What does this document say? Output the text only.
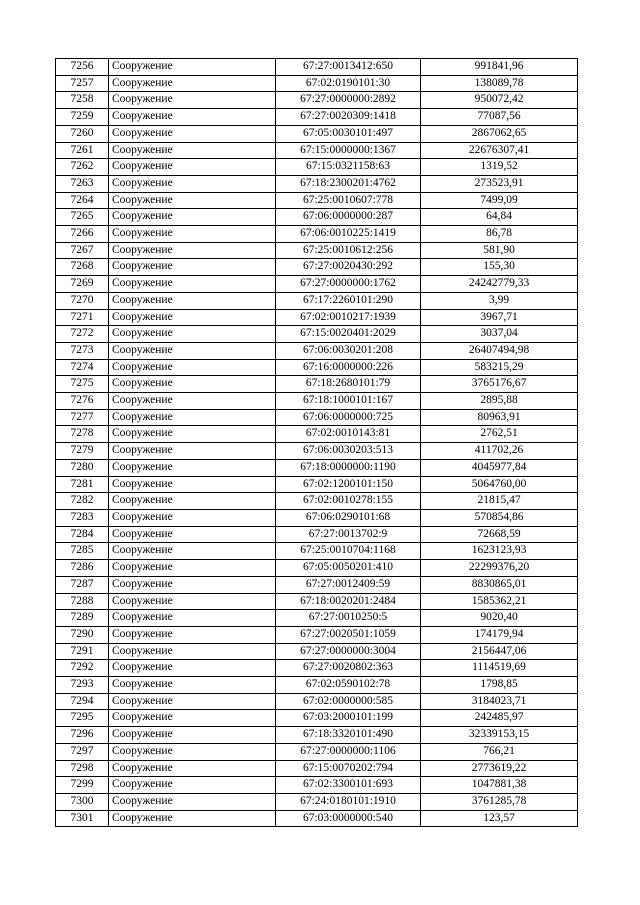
7256	Сооружение	67:27:0013412:650	991841,96
7257	Сооружение	67:02:0190101:30	138089,78
7258	Сооружение	67:27:0000000:2892	950072,42
7259	Сооружение	67:27:0020309:1418	77087,56
7260	Сооружение	67:05:0030101:497	2867062,65
7261	Сооружение	67:15:0000000:1367	22676307,41
7262	Сооружение	67:15:0321158:63	1319,52
7263	Сооружение	67:18:2300201:4762	273523,91
7264	Сооружение	67:25:0010607:778	7499,09
7265	Сооружение	67:06:0000000:287	64,84
7266	Сооружение	67:06:0010225:1419	86,78
7267	Сооружение	67:25:0010612:256	581,90
7268	Сооружение	67:27:0020430:292	155,30
7269	Сооружение	67:27:0000000:1762	24242779,33
7270	Сооружение	67:17:2260101:290	3,99
7271	Сооружение	67:02:0010217:1939	3967,71
7272	Сооружение	67:15:0020401:2029	3037,04
7273	Сооружение	67:06:0030201:208	26407494,98
7274	Сооружение	67:16:0000000:226	583215,29
7275	Сооружение	67:18:2680101:79	3765176,67
7276	Сооружение	67:18:1000101:167	2895,88
7277	Сооружение	67:06:0000000:725	80963,91
7278	Сооружение	67:02:0010143:81	2762,51
7279	Сооружение	67:06:0030203:513	411702,26
7280	Сооружение	67:18:0000000:1190	4045977,84
7281	Сооружение	67:02:1200101:150	5064760,00
7282	Сооружение	67:02:0010278:155	21815,47
7283	Сооружение	67:06:0290101:68	570854,86
7284	Сооружение	67:27:0013702:9	72668,59
7285	Сооружение	67:25:0010704:1168	1623123,93
7286	Сооружение	67:05:0050201:410	22299376,20
7287	Сооружение	67:27:0012409:59	8830865,01
7288	Сооружение	67:18:0020201:2484	1585362,21
7289	Сооружение	67:27:0010250:5	9020,40
7290	Сооружение	67:27:0020501:1059	174179,94
7291	Сооружение	67:27:0000000:3004	2156447,06
7292	Сооружение	67:27:0020802:363	1114519,69
7293	Сооружение	67:02:0590102:78	1798,85
7294	Сооружение	67:02:0000000:585	3184023,71
7295	Сооружение	67:03:2000101:199	242485,97
7296	Сооружение	67:18:3320101:490	32339153,15
7297	Сооружение	67:27:0000000:1106	766,21
7298	Сооружение	67:15:0070202:794	2773619,22
7299	Сооружение	67:02:3300101:693	1047881,38
7300	Сооружение	67:24:0180101:1910	3761285,78
7301	Сооружение	67:03:0000000:540	123,57
